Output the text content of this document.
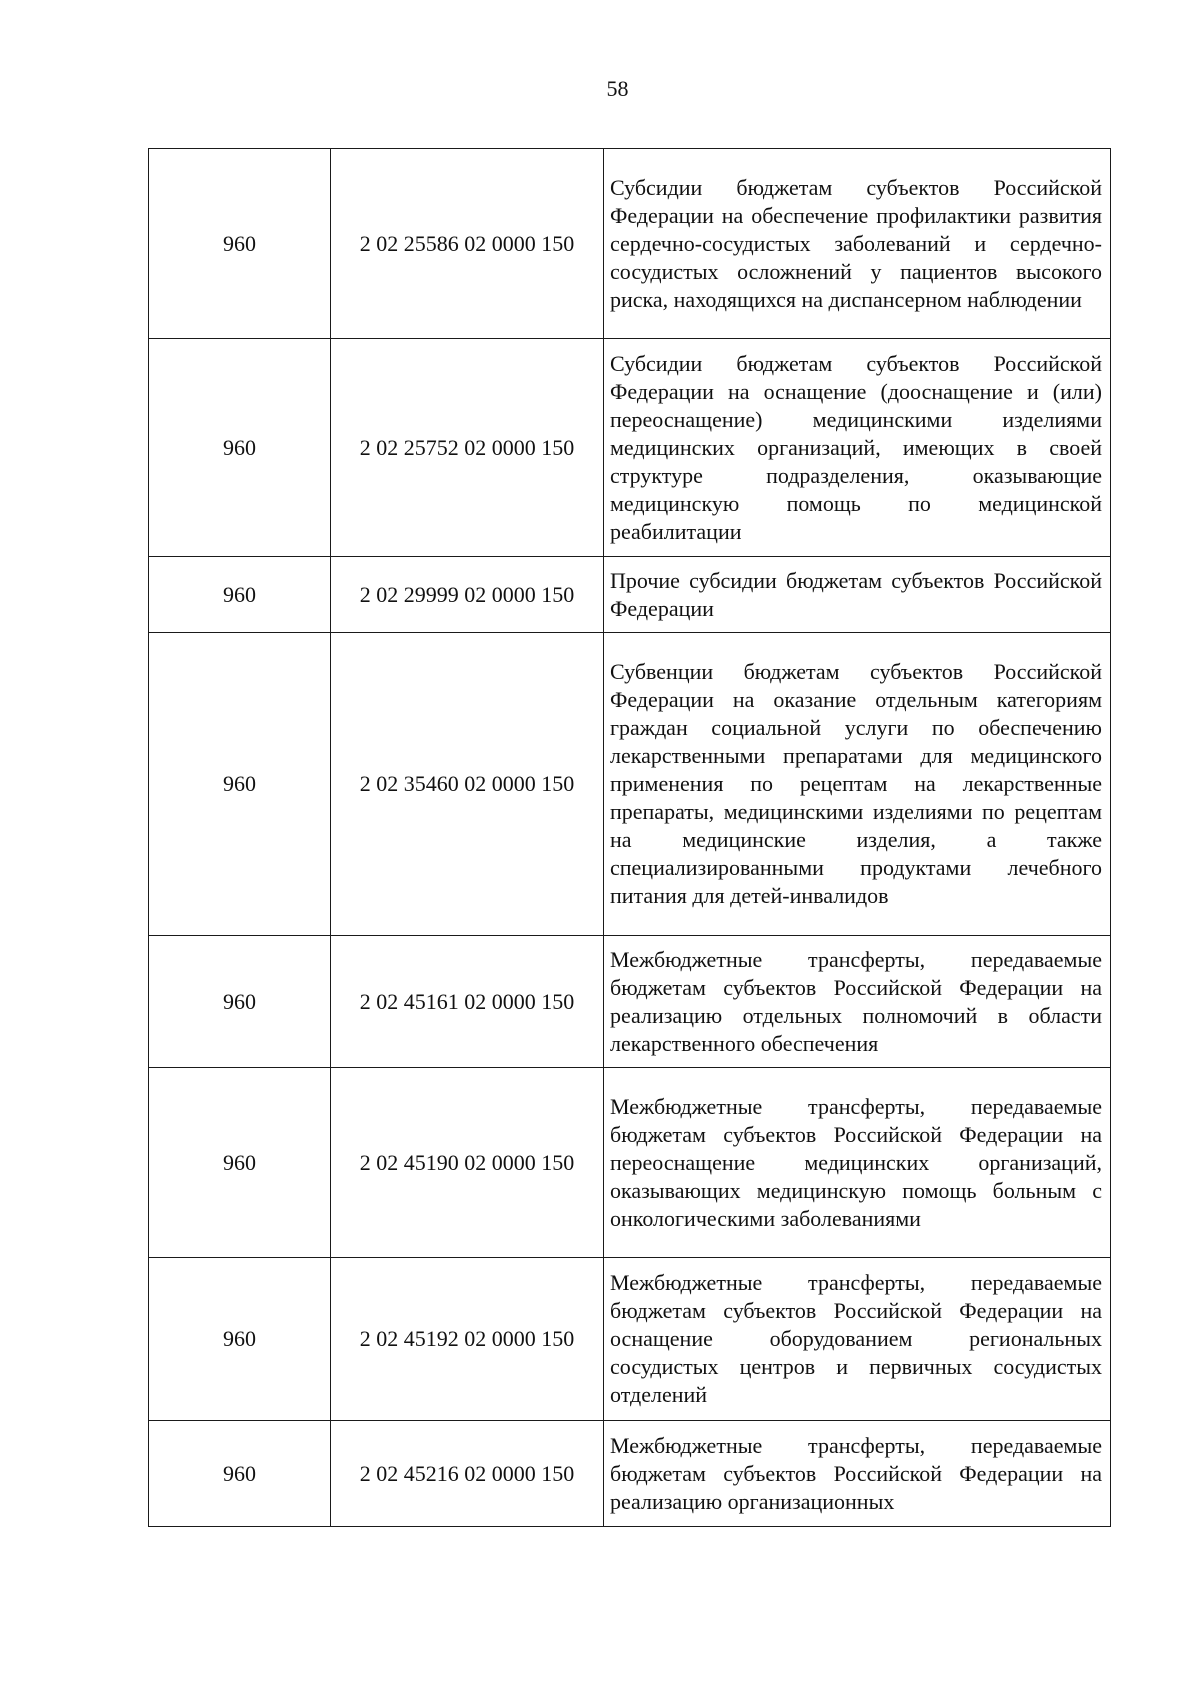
58
960	2 02 25586 02 0000 150	Субсидии бюджетам субъектов Российской Федерации на обеспечение профилактики развития сердечно-сосудистых заболеваний и сердечно-сосудистых осложнений у пациентов высокого риска, находящихся на диспансерном наблюдении
960	2 02 25752 02 0000 150	Субсидии бюджетам субъектов Российской Федерации на оснащение (дооснащение и (или) переоснащение) медицинскими изделиями медицинских организаций, имеющих в своей структуре подразделения, оказывающие медицинскую помощь по медицинской реабилитации
960	2 02 29999 02 0000 150	Прочие субсидии бюджетам субъектов Российской Федерации
960	2 02 35460 02 0000 150	Субвенции бюджетам субъектов Российской Федерации на оказание отдельным категориям граждан социальной услуги по обеспечению лекарственными препаратами для медицинского применения по рецептам на лекарственные препараты, медицинскими изделиями по рецептам на медицинские изделия, а также специализированными продуктами лечебного питания для детей-инвалидов
960	2 02 45161 02 0000 150	Межбюджетные трансферты, передаваемые бюджетам субъектов Российской Федерации на реализацию отдельных полномочий в области лекарственного обеспечения
960	2 02 45190 02 0000 150	Межбюджетные трансферты, передаваемые бюджетам субъектов Российской Федерации на переоснащение медицинских организаций, оказывающих медицинскую помощь больным с онкологическими заболеваниями
960	2 02 45192 02 0000 150	Межбюджетные трансферты, передаваемые бюджетам субъектов Российской Федерации на оснащение оборудованием региональных сосудистых центров и первичных сосудистых отделений
960	2 02 45216 02 0000 150	Межбюджетные трансферты, передаваемые бюджетам субъектов Российской Федерации на реализацию организационных
